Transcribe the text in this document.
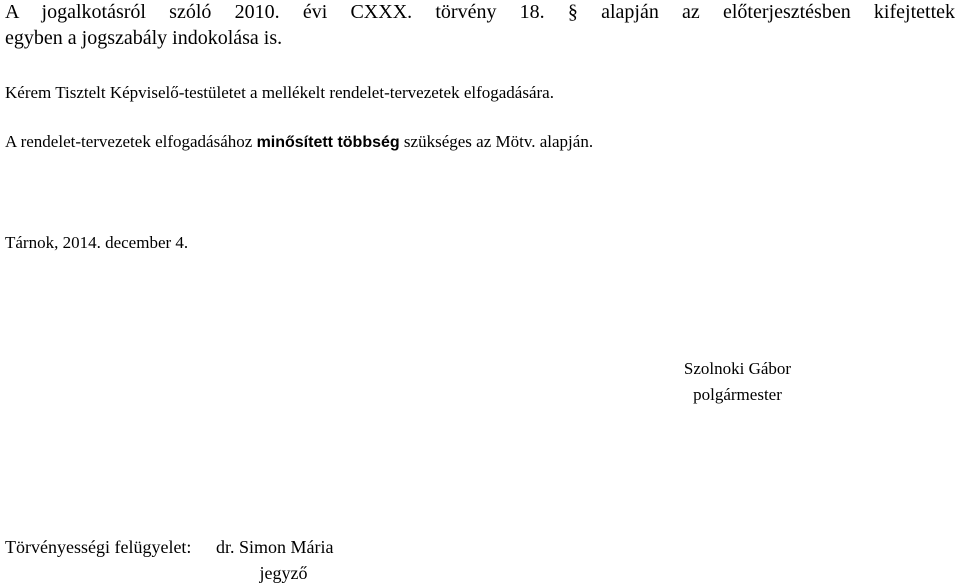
A jogalkotásról szóló 2010. évi CXXX. törvény 18. § alapján az előterjesztésben kifejtettek
egyben a jogszabály indokolása is.
Kérem Tisztelt Képviselő-testületet a mellékelt rendelet-tervezetek elfogadására.
A rendelet-tervezetek elfogadásához minősített többség szükséges az Mötv. alapján.
Tárnok, 2014. december 4.
Szolnoki Gábor
polgármester
Törvényességi felügyelet: dr. Simon Mária
jegyző
